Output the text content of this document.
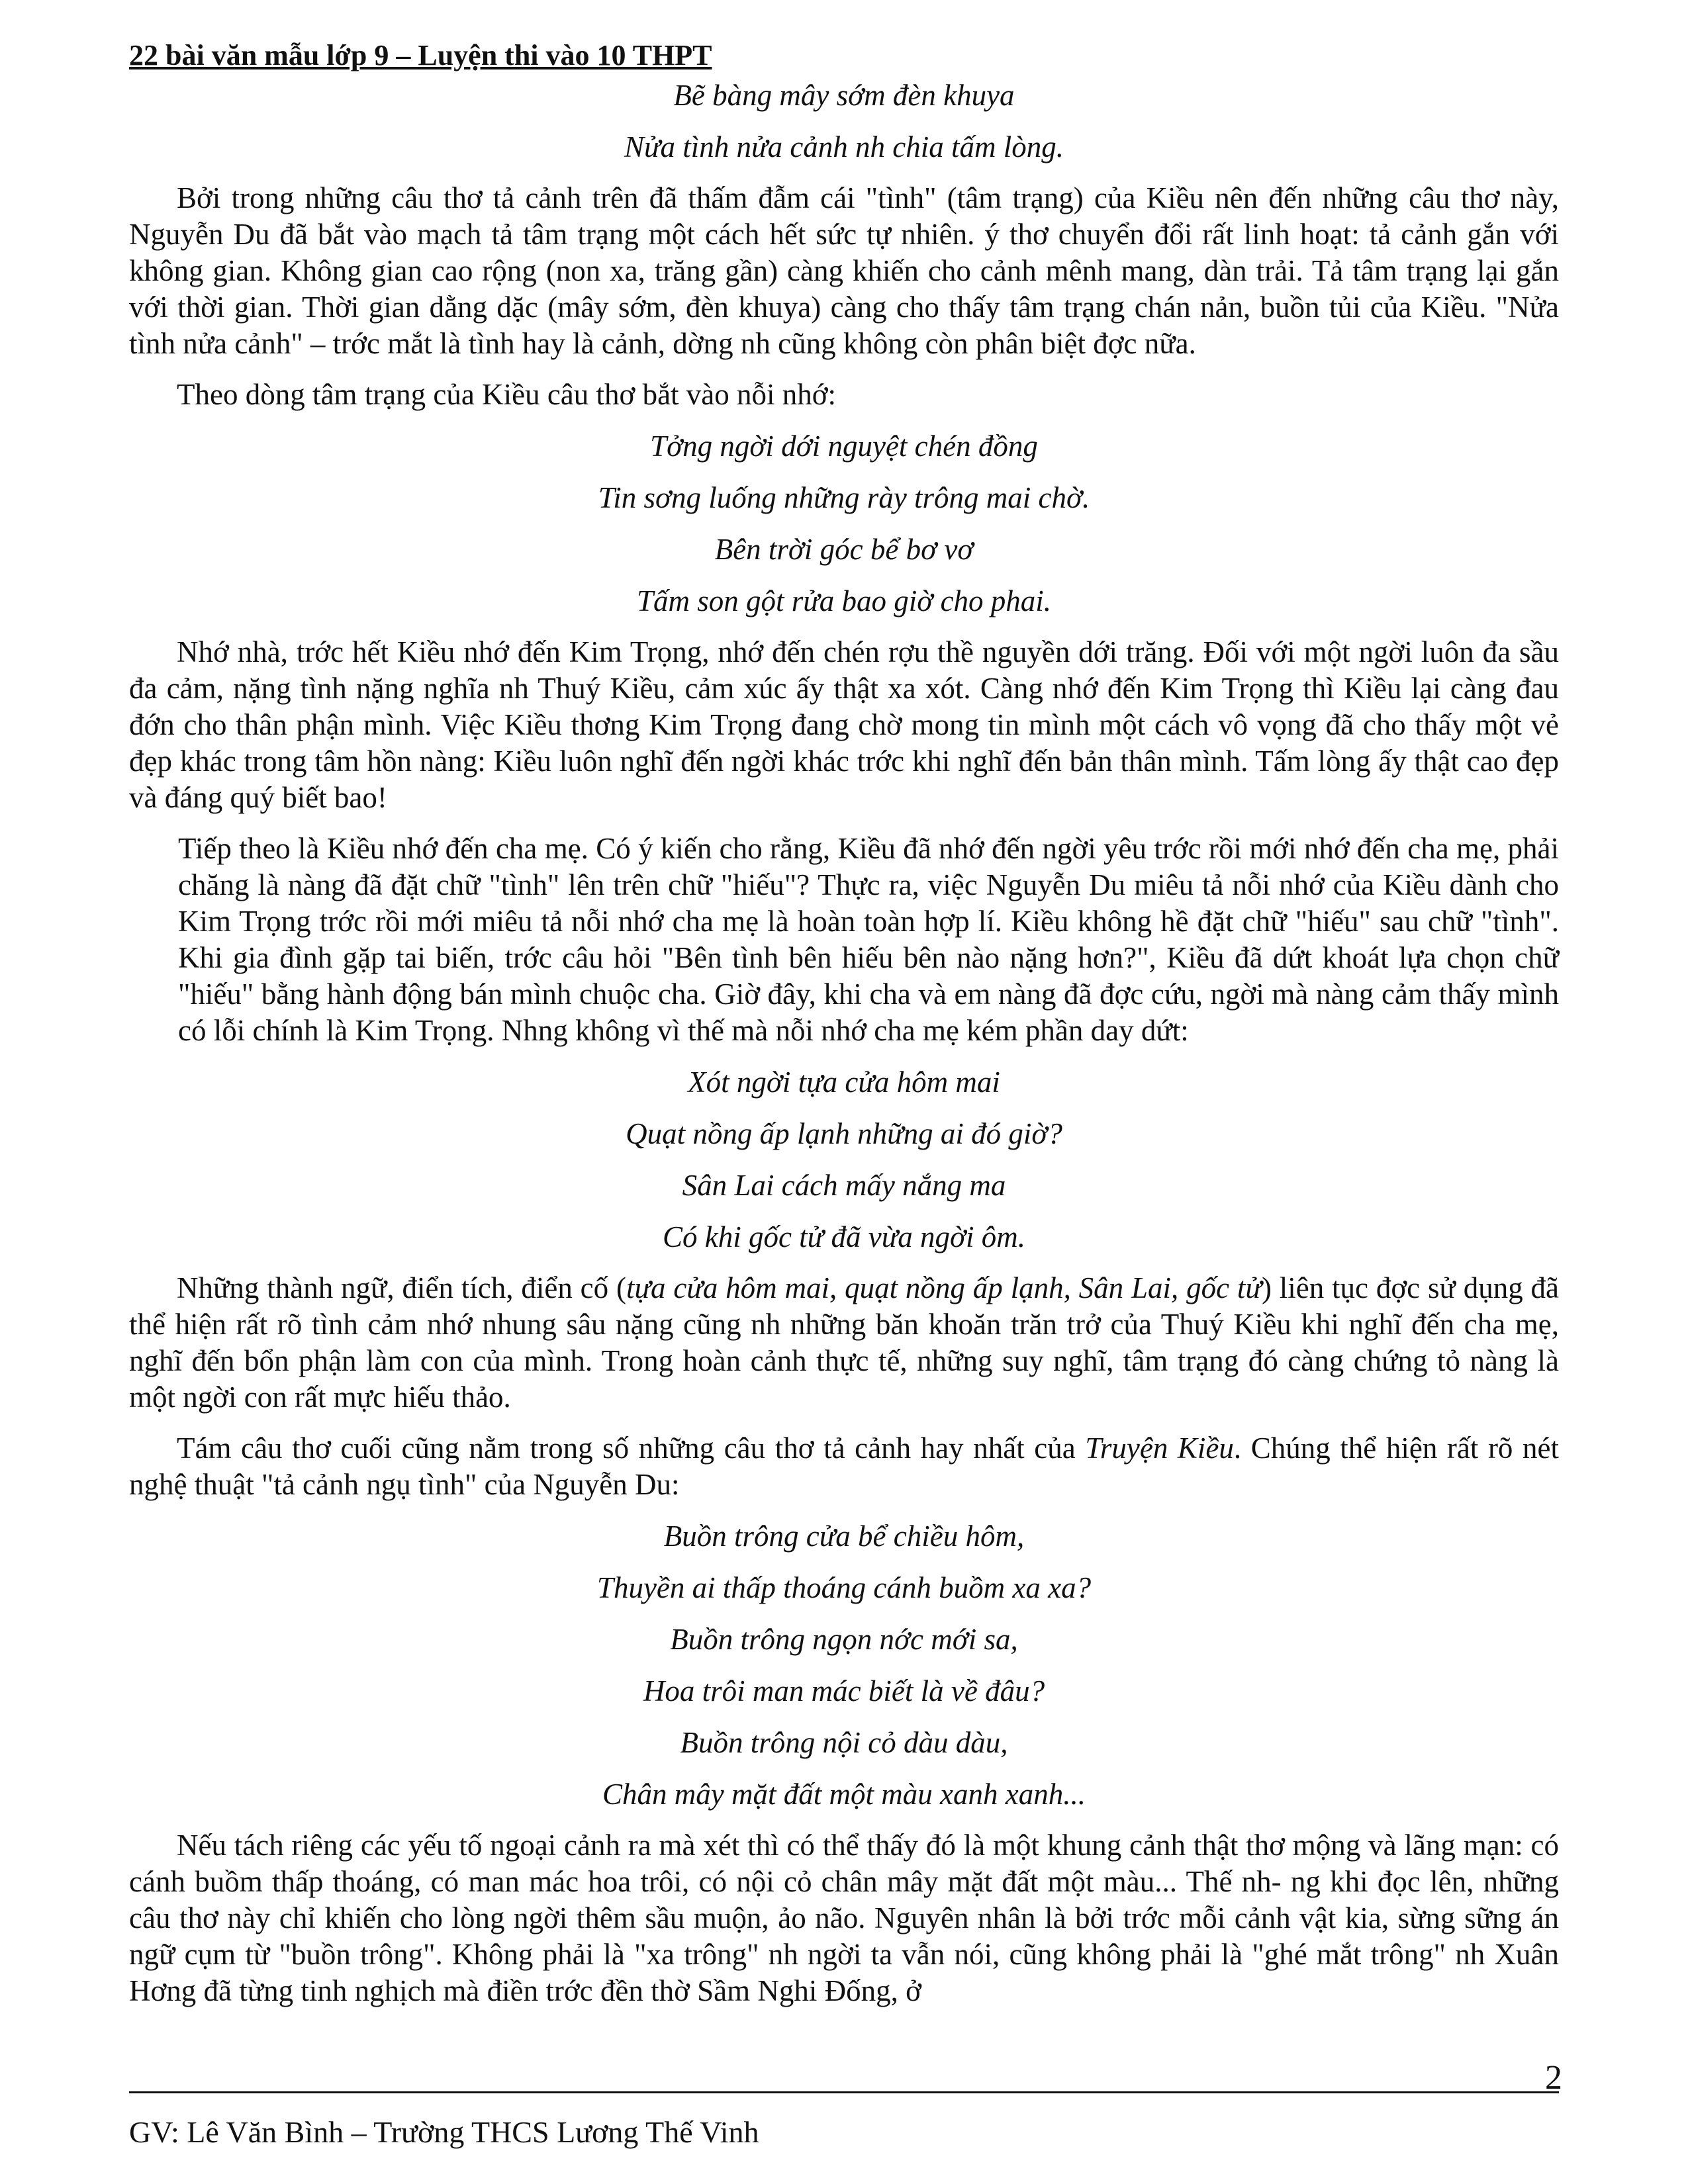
22 bài văn mẫu lớp 9 – Luyện thi vào 10 THPT
Bẽ bàng mây sớm đèn khuya
Nửa tình nửa cảnh nh chia tấm lòng.

Bởi trong những câu thơ tả cảnh trên đã thấm đẫm cái "tình" (tâm trạng) của Kiều nên đến những câu thơ này, Nguyễn Du đã bắt vào mạch tả tâm trạng một cách hết sức tự nhiên. ý thơ chuyển đổi rất linh hoạt: tả cảnh gắn với không gian. Không gian cao rộng (non xa, trăng gần) càng khiến cho cảnh mênh mang, dàn trải. Tả tâm trạng lại gắn với thời gian. Thời gian dằng dặc (mây sớm, đèn khuya) càng cho thấy tâm trạng chán nản, buồn tủi của Kiều. "Nửa tình nửa cảnh" – trớc mắt là tình hay là cảnh, dờng nh cũng không còn phân biệt đợc nữa.

Theo dòng tâm trạng của Kiều câu thơ bắt vào nỗi nhớ:

Tởng ngời dới nguyệt chén đồng
Tin sơng luống những rày trông mai chờ.
Bên trời góc bể bơ vơ
Tấm son gột rửa bao giờ cho phai.

Nhớ nhà, trớc hết Kiều nhớ đến Kim Trọng, nhớ đến chén rợu thề nguyền dới trăng. Đối với một ngời luôn đa sầu đa cảm, nặng tình nặng nghĩa nh Thuý Kiều, cảm xúc ấy thật xa xót. Càng nhớ đến Kim Trọng thì Kiều lại càng đau đớn cho thân phận mình. Việc Kiều thơng Kim Trọng đang chờ mong tin mình một cách vô vọng đã cho thấy một vẻ đẹp khác trong tâm hồn nàng: Kiều luôn nghĩ đến ngời khác trớc khi nghĩ đến bản thân mình. Tấm lòng ấy thật cao đẹp và đáng quý biết bao!

Tiếp theo là Kiều nhớ đến cha mẹ. Có ý kiến cho rằng, Kiều đã nhớ đến ngời yêu trớc rồi mới nhớ đến cha mẹ, phải chăng là nàng đã đặt chữ "tình" lên trên chữ "hiếu"? Thực ra, việc Nguyễn Du miêu tả nỗi nhớ của Kiều dành cho Kim Trọng trớc rồi mới miêu tả nỗi nhớ cha mẹ là hoàn toàn hợp lí. Kiều không hề đặt chữ "hiếu" sau chữ "tình". Khi gia đình gặp tai biến, trớc câu hỏi "Bên tình bên hiếu bên nào nặng hơn?", Kiều đã dứt khoát lựa chọn chữ "hiếu" bằng hành động bán mình chuộc cha. Giờ đây, khi cha và em nàng đã đợc cứu, ngời mà nàng cảm thấy mình có lỗi chính là Kim Trọng. Nhng không vì thế mà nỗi nhớ cha mẹ kém phần day dứt:

Xót ngời tựa cửa hôm mai
Quạt nồng ấp lạnh những ai đó giờ?
Sân Lai cách mấy nắng ma
Có khi gốc tử đã vừa ngời ôm.

Những thành ngữ, điển tích, điển cố (tựa cửa hôm mai, quạt nồng ấp lạnh, Sân Lai, gốc tử) liên tục đợc sử dụng đã thể hiện rất rõ tình cảm nhớ nhung sâu nặng cũng nh những băn khoăn trăn trở của Thuý Kiều khi nghĩ đến cha mẹ, nghĩ đến bổn phận làm con của mình. Trong hoàn cảnh thực tế, những suy nghĩ, tâm trạng đó càng chứng tỏ nàng là một ngời con rất mực hiếu thảo.

Tám câu thơ cuối cũng nằm trong số những câu thơ tả cảnh hay nhất của Truyện Kiều. Chúng thể hiện rất rõ nét nghệ thuật "tả cảnh ngụ tình" của Nguyễn Du:

Buồn trông cửa bể chiều hôm,
Thuyền ai thấp thoáng cánh buồm xa xa?
Buồn trông ngọn nớc mới sa,
Hoa trôi man mác biết là về đâu?
Buồn trông nội cỏ dàu dàu,
Chân mây mặt đất một màu xanh xanh...

Nếu tách riêng các yếu tố ngoại cảnh ra mà xét thì có thể thấy đó là một khung cảnh thật thơ mộng và lãng mạn: có cánh buồm thấp thoáng, có man mác hoa trôi, có nội cỏ chân mây mặt đất một màu... Thế nh- ng khi đọc lên, những câu thơ này chỉ khiến cho lòng ngời thêm sầu muộn, ảo não. Nguyên nhân là bởi trớc mỗi cảnh vật kia, sừng sững án ngữ cụm từ "buồn trông". Không phải là "xa trông" nh ngời ta vẫn nói, cũng không phải là "ghé mắt trông" nh Xuân Hơng đã từng tinh nghịch mà điền trớc đền thờ Sầm Nghi Đống, ở

2
GV: Lê Văn Bình – Trường THCS Lương Thế Vinh
